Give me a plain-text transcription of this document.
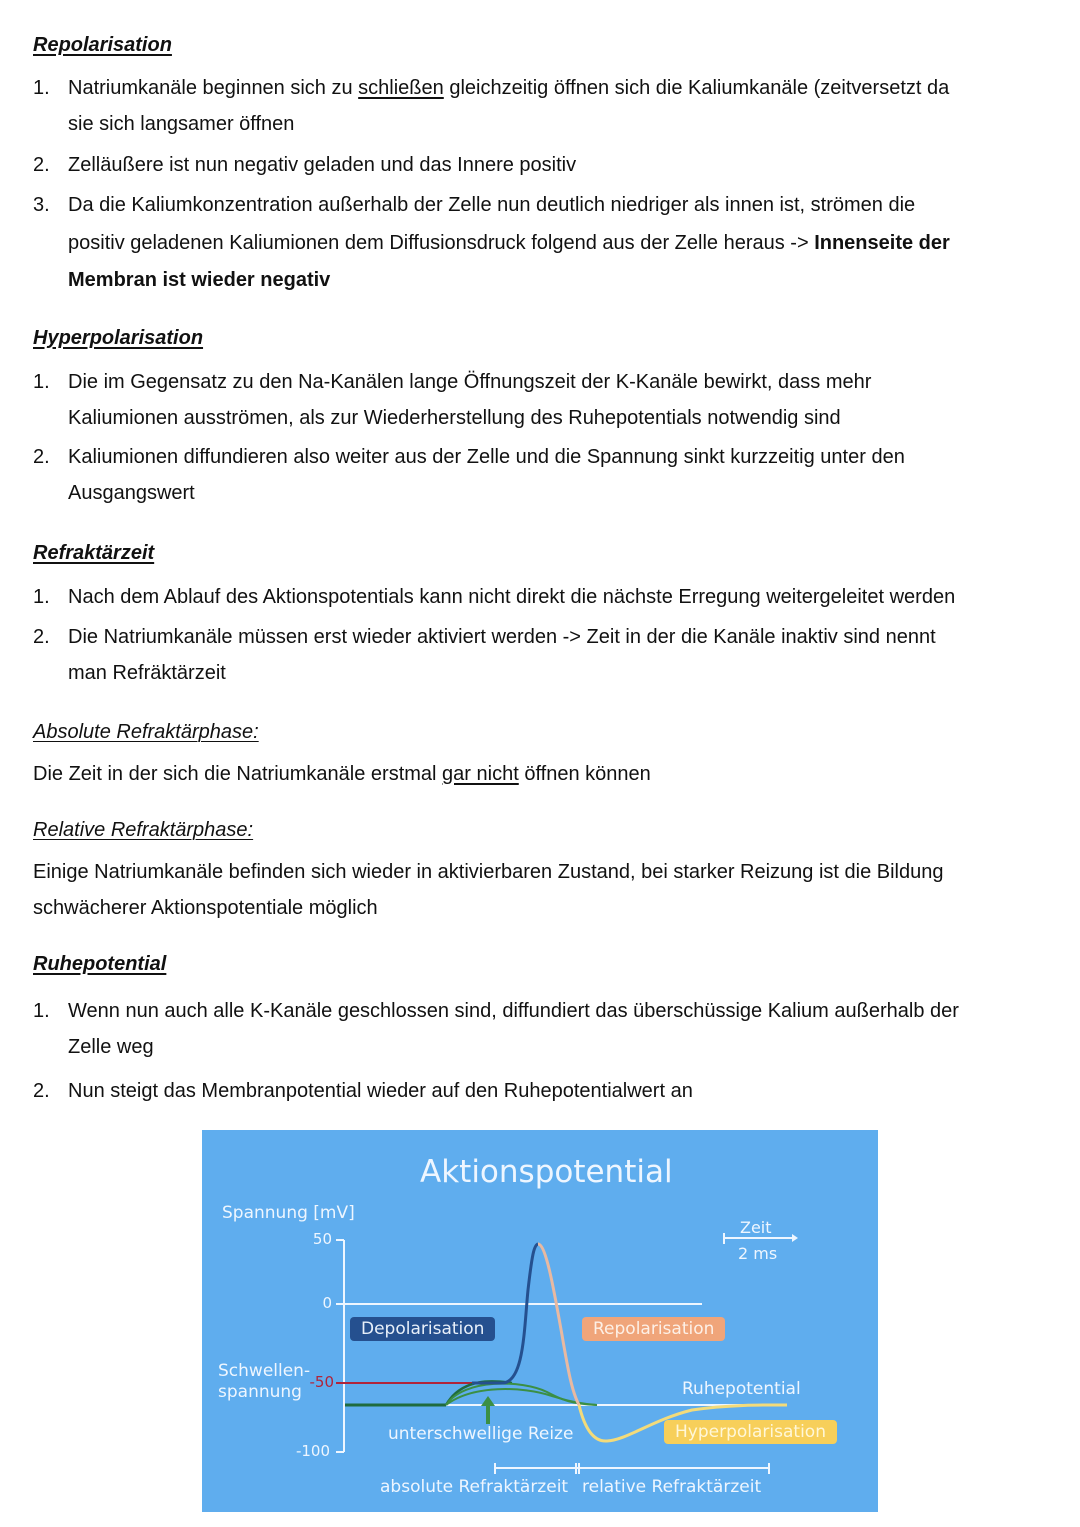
Repolarisation
1. Natriumkanäle beginnen sich zu schließen gleichzeitig öffnen sich die Kaliumkanäle (zeitversetzt da
sie sich langsamer öffnen
2. Zelläußere ist nun negativ geladen und das Innere positiv
3. Da die Kaliumkonzentration außerhalb der Zelle nun deutlich niedriger als innen ist, strömen die
positiv geladenen Kaliumionen dem Diffusionsdruck folgend aus der Zelle heraus -> Innenseite der
Membran ist wieder negativ
Hyperpolarisation
1. Die im Gegensatz zu den Na-Kanälen lange Öffnungszeit der K-Kanäle bewirkt, dass mehr
Kaliumionen ausströmen, als zur Wiederherstellung des Ruhepotentials notwendig sind
2. Kaliumionen diffundieren also weiter aus der Zelle und die Spannung sinkt kurzzeitig unter den
Ausgangswert
Refraktärzeit
1. Nach dem Ablauf des Aktionspotentials kann nicht direkt die nächste Erregung weitergeleitet werden
2. Die Natriumkanäle müssen erst wieder aktiviert werden -> Zeit in der die Kanäle inaktiv sind nennt
man Refräktärzeit
Absolute Refraktärphase:
Die Zeit in der sich die Natriumkanäle erstmal gar nicht öffnen können
Relative Refraktärphase:
Einige Natriumkanäle befinden sich wieder in aktivierbaren Zustand, bei starker Reizung ist die Bildung
schwächerer Aktionspotentiale möglich
Ruhepotential
1. Wenn nun auch alle K-Kanäle geschlossen sind, diffundiert das überschüssige Kalium außerhalb der
Zelle weg
2. Nun steigt das Membranpotential wieder auf den Ruhepotentialwert an
Aktionspotential
Spannung [mV]
50
0
-50
-100
Schwellen-
spannung
Zeit
2 ms
Depolarisation	Repolarisation
Hyperpolarisation
Ruhepotential
unterschwellige Reize
absolute Refraktärzeit relative Refraktärzeit
